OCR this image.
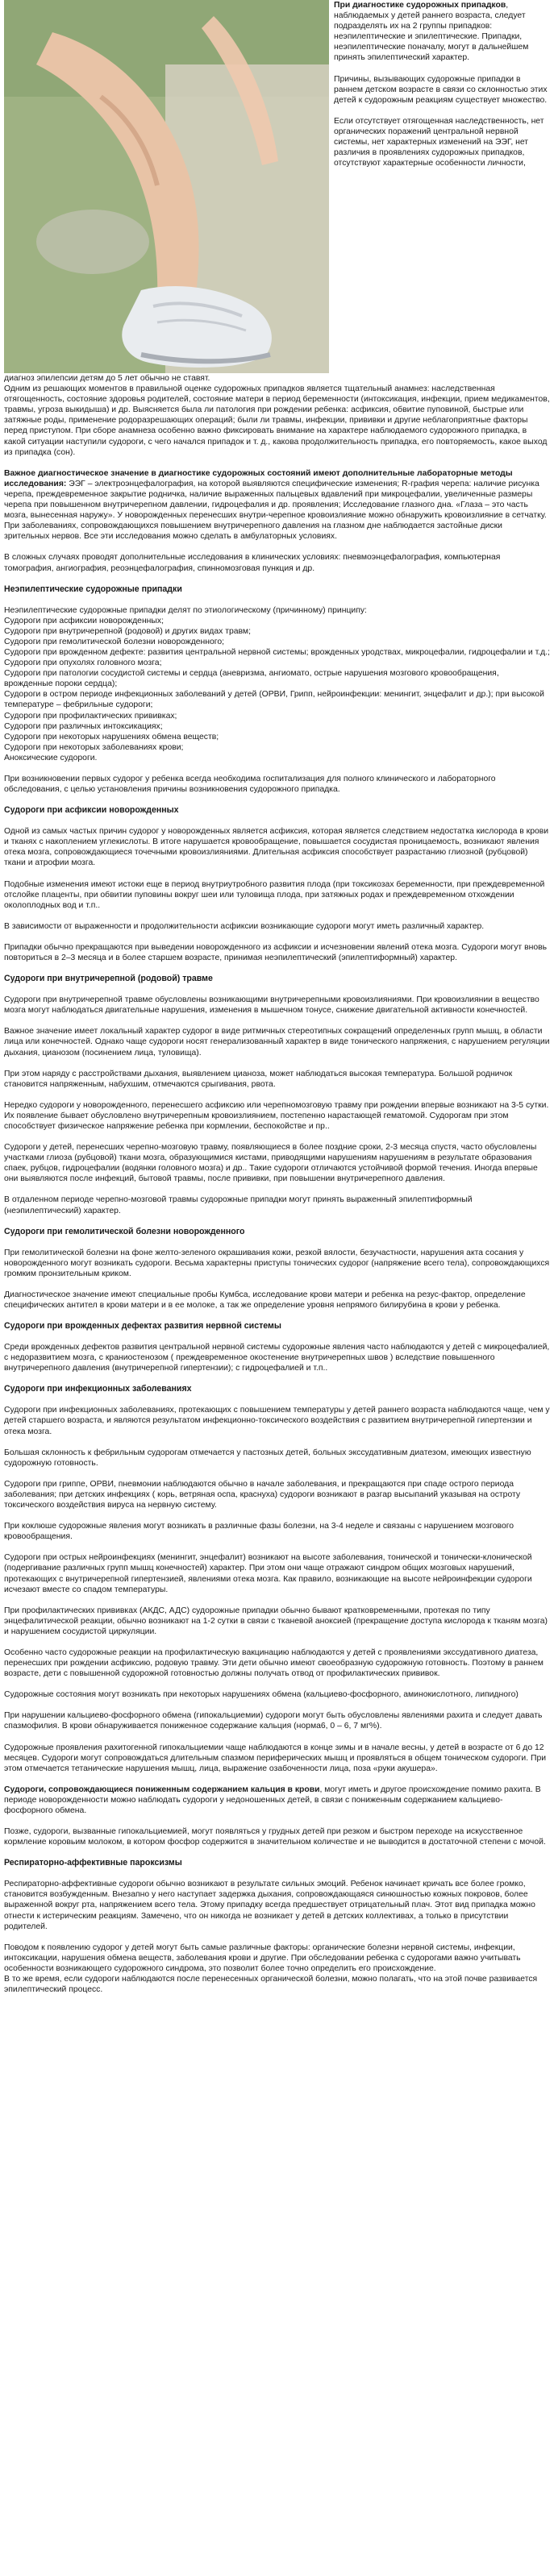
При диагностике судорожных припадков, наблюдаемых у детей раннего возраста, следует подразделять их на 2 группы припадков: неэпилептические и эпилептические. Припадки, неэпилептические поначалу, могут в дальнейшем принять эпилептический характер.

Причины, вызывающих судорожные припадки в раннем детском возрасте в связи со склонностью этих детей к судорожным реакциям существует множество.

Если отсутствует отягощенная наследственность, нет органических поражений центральной нервной системы, нет характерных изменений на ЭЭГ, нет различия в проявлениях судорожных припадков, отсутствуют характерные особенности личности,

диагноз эпилепсии детям до 5 лет обычно не ставят.

Одним из решающих моментов в правильной оценке судорожных припадков является тщательный анамнез: наследственная отягощенность, состояние здоровья родителей, состояние матери в период беременности (интоксикация, инфекции, прием медикаментов, травмы, угроза выкидыша) и др. Выясняется была ли патология при рождении ребенка: асфиксия, обвитие пуповиной, быстрые или затяжные роды, применение родоразрешающих операций; были ли травмы, инфекции, прививки и другие неблагоприятные факторы перед приступом. При сборе анамнеза особенно важно фиксировать внимание на характере наблюдаемого судорожного припадка, в какой ситуации наступили судороги, с чего начался припадок и т. д., какова продолжительность припадка, его повторяемость, какое выход из припадка (сон).

Важное диагностическое значение в диагностике судорожных состояний имеют дополнительные лабораторные методы исследования: ЭЭГ – электроэнцефалография, на которой выявляются специфические изменения; R-графия черепа: наличие рисунка черепа, преждевременное закрытие родничка, наличие выраженных пальцевых вдавлений при микроцефалии, увеличенные размеры черепа при повышенном внутричерепном давлении, гидроцефалия и др. проявления; Исследование глазного дна. «Глаза – это часть мозга, вынесенная наружу». У новорожденных перенесших внутри-черепное кровоизлияние можно обнаружить кровоизлияние в сетчатку. При заболеваниях, сопровождающихся повышением внутричерепного давления на глазном дне наблюдается застойные диски зрительных нервов. Все эти исследования можно сделать в амбулаторных условиях.

В сложных случаях проводят дополнительные исследования в клинических условиях: пневмоэнцефалография, компьютерная томография, ангиография, реоэнцефалография, спинномозговая пункция и др.

Неэпилептические судорожные припадки

Неэпилептические судорожные припадки делят по этиологическому (причинному) принципу:

Судороги при асфиксии новорожденных;
Судороги при внутричерепной (родовой) и других видах травм;
Судороги при гемолитической болезни новорожденного;
Судороги при врожденном дефекте: развития центральной нервной системы; врожденных уродствах, микроцефалии, гидроцефалии и т.д.;
Судороги при опухолях головного мозга;
Судороги при патологии сосудистой системы и сердца (аневризма, ангиомато, острые нарушения мозгового кровообращения, врожденные пороки сердца);
Судороги в остром периоде инфекционных заболеваний у детей (ОРВИ, Грипп, нейроинфекции: менингит, энцефалит и др.); при высокой температуре – фебрильные судороги;
Судороги при профилактических прививках;
Судороги при различных интоксикациях;
Судороги при некоторых нарушениях обмена веществ;
Судороги при некоторых заболеваниях крови;
Аноксические судороги.

При возникновении первых судорог у ребенка всегда необходима госпитализация для полного клинического и лабораторного обследования, с целью установления причины возникновения судорожного припадка.

Судороги при асфиксии новорожденных

Одной из самых частых причин судорог у новорожденных является асфиксия, которая является следствием недостатка кислорода в крови и тканях с накоплением углекислоты. В итоге нарушается кровообращение, повышается сосудистая проницаемость, возникают явления отека мозга, сопровождающиеся точечными кровоизлияниями. Длительная асфиксия способствует разрастанию глиозной (рубцовой) ткани и атрофии мозга.

Подобные изменения имеют истоки еще в период внутриутробного развития плода (при токсикозах беременности, при преждевременной отслойке плаценты, при обвитии пуповины вокруг шеи или туловища плода, при затяжных родах и преждевременном отхождении околоплодных вод и т.п..

В зависимости от выраженности и продолжительности асфиксии возникающие судороги могут иметь различный характер.

Припадки обычно прекращаются при выведении новорожденного из асфиксии и исчезновении явлений отека мозга. Судороги могут вновь повториться в 2–3 месяца и в более старшем возрасте, принимая неэпилептический (эпилептиформный) характер.

Судороги при внутричерепной (родовой) травме

Судороги при внутричерепной травме обусловлены возникающими внутричерепными кровоизлияниями. При кровоизлиянии в вещество мозга могут наблюдаться двигательные нарушения, изменения в мышечном тонусе, снижение двигательной активности конечностей.

Важное значение имеет локальный характер судорог в виде ритмичных стереотипных сокращений определенных групп мышц, в области лица или конечностей. Однако чаще судороги носят генерализованный характер в виде тонического напряжения, с нарушением регуляции дыхания, цианозом (посинением лица, туловища).

При этом наряду с расстройствами дыхания, выявлением цианоза, может наблюдаться высокая температура. Большой родничок становится напряженным, набухшим, отмечаются срыгивания, рвота.

Нередко судороги у новорожденного, перенесшего асфиксию или черепномозговую травму при рождении впервые возникают на 3-5 сутки. Их появление бывает обусловлено внутричерепным кровоизлиянием, постепенно нарастающей гематомой. Судорогам при этом способствует физическое напряжение ребенка при кормлении, беспокойстве и пр..

Судороги у детей, перенесших черепно-мозговую травму, появляющиеся в более поздние сроки, 2-3 месяца спустя, часто обусловлены участками глиоза (рубцовой) ткани мозга, образующимися кистами, приводящими нарушениям нарушениям в результате образования спаек, рубцов, гидроцефалии (водянки головного мозга) и др.. Такие судороги отличаются устойчивой формой течения. Иногда впервые они выявляются после инфекций, бытовой травмы, после прививки, при повышении внутричерепного давления.

В отдаленном периоде черепно-мозговой травмы судорожные припадки могут принять выраженный эпилептиформный (неэпилептический) характер.

Судороги при гемолитической болезни новорожденного

При гемолитической болезни на фоне желто-зеленого окрашивания кожи, резкой вялости, безучастности, нарушения акта сосания у новорожденного могут возникать судороги. Весьма характерны приступы тонических судорог (напряжение всего тела), сопровождающихся громким пронзительным криком.

Диагностическое значение имеют специальные пробы Кумбса, исследование крови матери и ребенка на резус-фактор, определение специфических антител в крови матери и в ее молоке, а так же определение уровня непрямого билирубина в крови у ребенка.

Судороги при врожденных дефектах развития нервной системы

Среди врожденных дефектов развития центральной нервной системы судорожные явления часто наблюдаются у детей с микроцефалией, с недоразвитием мозга, с краниостенозом ( преждевременное окостенение внутричерепных швов ) вследствие повышенного внутричерепного давления (внутричерепной гипертензии); с гидроцефалией и т.п..

Судороги при инфекционных заболеваниях

Судороги при инфекционных заболеваниях, протекающих с повышением температуры у детей раннего возраста наблюдаются чаще, чем у детей старшего возраста, и являются результатом инфекционно-токсического воздействия с развитием внутричерепной гипертензии и отека мозга.

Большая склонность к фебрильным судорогам отмечается у пастозных детей, больных экссудативным диатезом, имеющих известную судорожную готовность.

Судороги при гриппе, ОРВИ, пневмонии наблюдаются обычно в начале заболевания, и прекращаются при спаде острого периода заболевания; при детских инфекциях ( корь, ветряная оспа, краснуха) судороги возникают в разгар высыпаний указывая на остроту токсического воздействия вируса на нервную систему.

При коклюше судорожные явления могут возникать в различные фазы болезни, на 3-4 неделе и связаны с нарушением мозгового кровообращения.

Судороги при острых нейроинфекциях (менингит, энцефалит) возникают на высоте заболевания, тонической и тонически-клонической (подергивание различных групп мышц конечностей) характер. При этом они чаще отражают синдром общих мозговых нарушений, протекающих с внутричерепной гипертензией, явлениями отека мозга. Как правило, возникающие на высоте нейроинфекции судороги исчезают вместе со спадом температуры.

При профилактических прививках (АКДС, АДС) судорожные припадки обычно бывают кратковременными, протекая по типу энцефалитической реакции, обычно возникают на 1-2 сутки в связи с тканевой аноксией (прекращение доступа кислорода к тканям мозга) и нарушением сосудистой циркуляции.

Особенно часто судорожные реакции на профилактическую вакцинацию наблюдаются у детей с проявлениями экссудативного диатеза, перенесших при рождении асфиксию, родовую травму. Эти дети обычно имеют своеобразную судорожную готовность. Поэтому в раннем возрасте, дети с повышенной судорожной готовностью должны получать отвод от профилактических прививок.

Судорожные состояния могут возникать при некоторых нарушениях обмена (кальциево-фосфорного, аминокислотного, липидного)

При нарушении кальциево-фосфорного обмена (гипокальциемии) судороги могут быть обусловлены явлениями рахита и следует давать спазмофилия. В крови обнаруживается пониженное содержание кальция (норма6, 0 – 6, 7 мг%).

Судорожные проявления рахитогенной гипокальциемии чаще наблюдаются в конце зимы и в начале весны, у детей в возрасте от 6 до 12 месяцев. Судороги могут сопровождаться длительным спазмом периферических мышц и проявляться в общем тоническом судороги. При этом отмечается тетанические нарушения мышц, лица, выражение озабоченности лица, поза «руки акушера».

Судороги, сопровождающиеся пониженным содержанием кальция в крови, могут иметь и другое происхождение помимо рахита. В периоде новорожденности можно наблюдать судороги у недоношенных детей, в связи с пониженным содержанием кальциево-фосфорного обмена.

Позже, судороги, вызванные гипокальциемией, могут появляться у грудных детей при резком и быстром переходе на искусственное кормление коровьим молоком, в котором фосфор содержится в значительном количестве и не выводится в достаточной степени с мочой.

Респираторно-аффективные пароксизмы

Респираторно-аффективные судороги обычно возникают в результате сильных эмоций. Ребенок начинает кричать все более громко, становится возбужденным. Внезапно у него наступает задержка дыхания, сопровождающаяся синюшностью кожных покровов, более выраженной вокруг рта, напряжением всего тела. Этому припадку всегда предшествует отрицательный плач. Этот вид припадка можно отнести к истерическим реакциям. Замечено, что он никогда не возникает у детей в детских коллективах, а только в присутствии родителей.

Поводом к появлению судорог у детей могут быть самые различные факторы: органические болезни нервной системы, инфекции, интоксикации, нарушения обмена веществ, заболевания крови и другие. При обследовании ребенка с судорогами важно учитывать особенности возникающего судорожного синдрома, это позволит более точно определить его происхождение.

В то же время, если судороги наблюдаются после перенесенных органической болезни, можно полагать, что на этой почве развивается эпилептический процесс.
